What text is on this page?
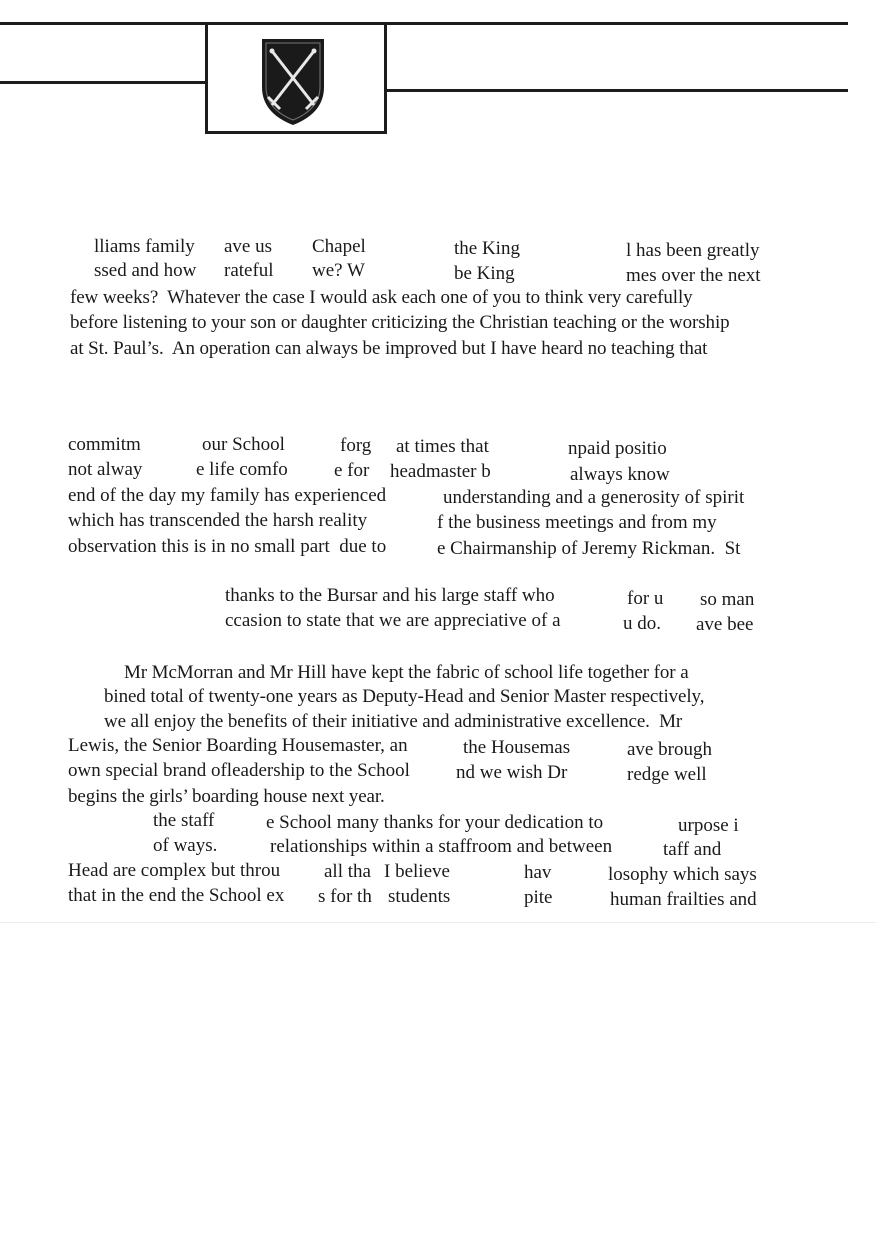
lliams family ave us Chapel	the King	l has been greatly
ssed and how rateful we? W	be King	mes over the next
few weeks?  Whatever the case I would ask each one of you to think very carefully
before listening to your son or daughter criticizing the Christian teaching or the worship
at St. Paul’s.  An operation can always be improved but I have heard no teaching that
commitm	our School	forg at times that	npaid positio
not alway	e life comfo e for headmaster b	always know
end of the day my family has experienced	understanding and a generosity of spirit
which has transcended the harsh reality	f the business meetings and from my
observation this is in no small part  due to	e Chairmanship of Jeremy Rickman.  St
thanks to the Bursar and his large staff who	for u so man
ccasion to state that we are appreciative of a	u do. ave bee
Mr McMorran and Mr Hill have kept the fabric of school life together for a
bined total of twenty-one years as Deputy-Head and Senior Master respectively,
we all enjoy the benefits of their initiative and administrative excellence.  Mr
Lewis, the Senior Boarding Housemaster, an	the Housemas	ave brough
own special brand ofleadership to the School nd we wish Dr	redge well
begins the girls’ boarding house next year.
the staff	e School many thanks for your dedication to	urpose i
of ways.	relationships within a staffroom and between	taff and
Head are complex but throu all tha I believe	hav	losophy which says
that in the end the School ex s for th students	pite	human frailties and
